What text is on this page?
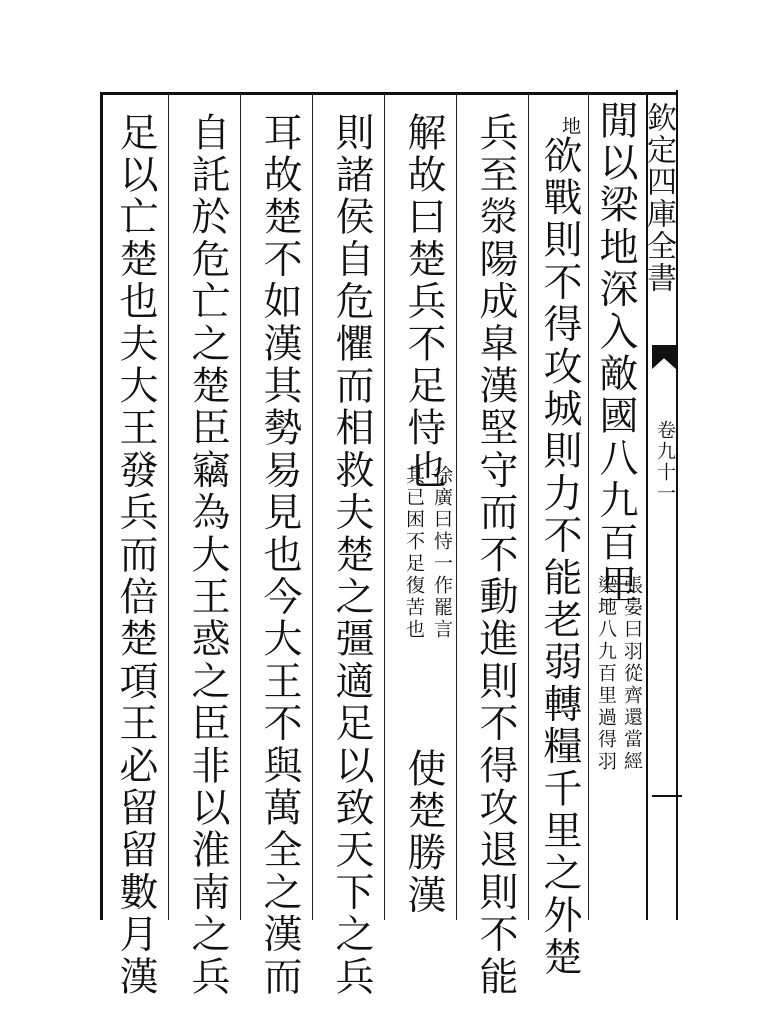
欽定四庫全書
卷九十一
閒以梁地深入敵國八九百里
張晏曰羽從齊還當經
梁地八九百里過得羽
地
欲戰則不得攻城則力不能老弱轉糧千里之外楚
兵至滎陽成皐漢堅守而不動進則不得攻退則不能
解故曰楚兵不足恃也
徐廣曰恃一作罷言
其已困不足復苦也
使楚勝漢
則諸侯自危懼而相救夫楚之彊適足以致天下之兵
耳故楚不如漢其勢易見也今大王不與萬全之漢而
自託於危亡之楚臣竊為大王惑之臣非以淮南之兵
足以亡楚也夫大王發兵而倍楚項王必留留數月漢
